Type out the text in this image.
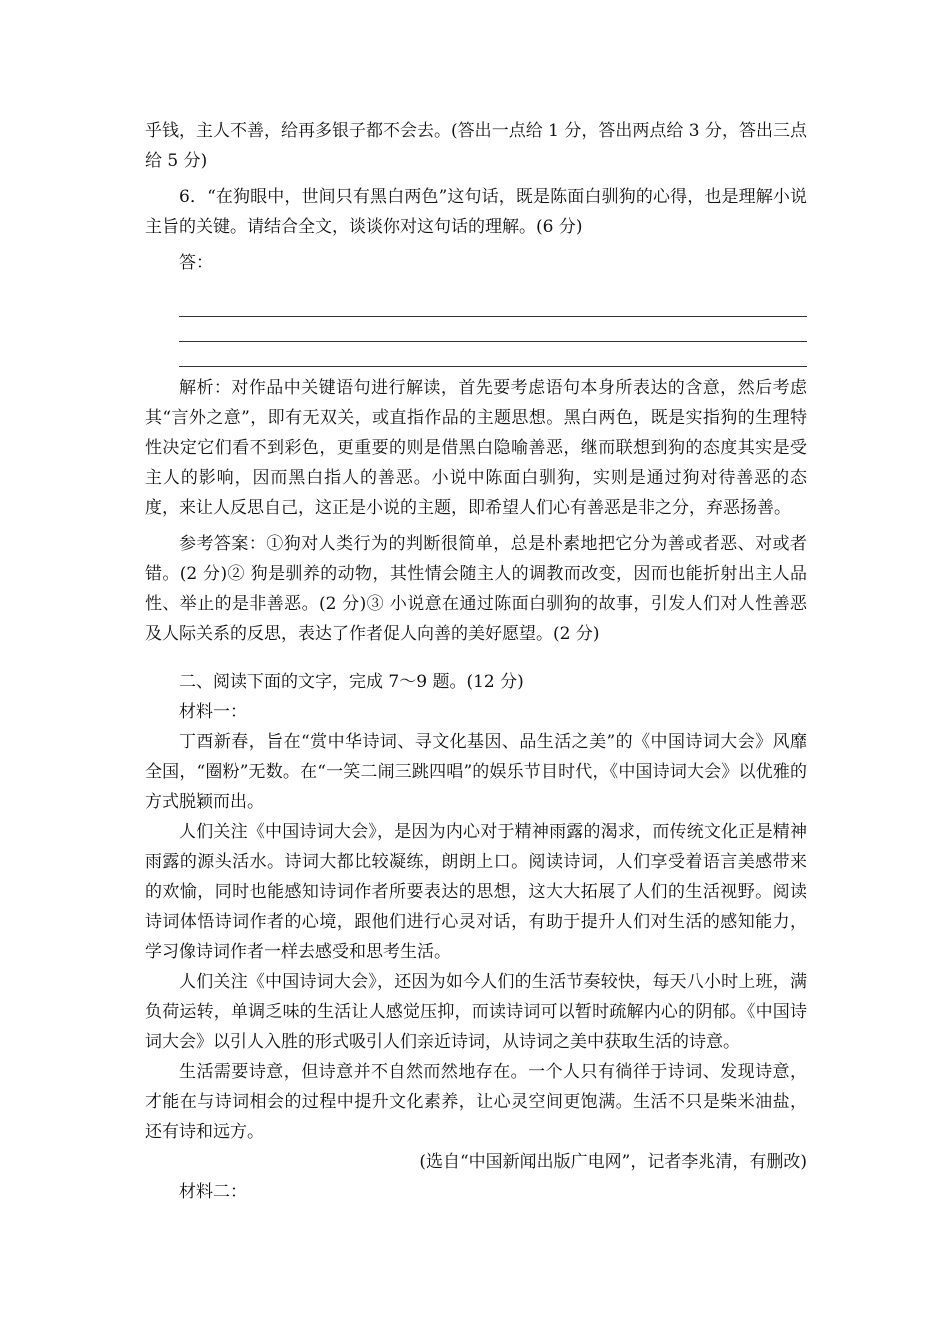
乎钱，主人不善，给再多银子都不会去。(答出一点给 1 分，答出两点给 3 分，答出三点给 5 分)

6．“在狗眼中，世间只有黑白两色”这句话，既是陈面白驯狗的心得，也是理解小说主旨的关键。请结合全文，谈谈你对这句话的理解。(6 分)

答：

解析：对作品中关键语句进行解读，首先要考虑语句本身所表达的含意，然后考虑其“言外之意”，即有无双关，或直指作品的主题思想。黑白两色，既是实指狗的生理特性决定它们看不到彩色，更重要的则是借黑白隐喻善恶，继而联想到狗的态度其实是受主人的影响，因而黑白指人的善恶。小说中陈面白驯狗，实则是通过狗对待善恶的态度，来让人反思自己，这正是小说的主题，即希望人们心有善恶是非之分，弃恶扬善。

参考答案：①狗对人类行为的判断很简单，总是朴素地把它分为善或者恶、对或者错。(2 分)② 狗是驯养的动物，其性情会随主人的调教而改变，因而也能折射出主人品性、举止的是非善恶。(2 分)③ 小说意在通过陈面白驯狗的故事，引发人们对人性善恶及人际关系的反思，表达了作者促人向善的美好愿望。(2 分)

二、阅读下面的文字，完成 7～9 题。(12 分)

材料一：

丁酉新春，旨在“赏中华诗词、寻文化基因、品生活之美”的《中国诗词大会》风靡全国，“圈粉”无数。在“一笑二闹三跳四唱”的娱乐节目时代，《中国诗词大会》以优雅的方式脱颖而出。

人们关注《中国诗词大会》，是因为内心对于精神雨露的渴求，而传统文化正是精神雨露的源头活水。诗词大都比较凝练，朗朗上口。阅读诗词，人们享受着语言美感带来的欢愉，同时也能感知诗词作者所要表达的思想，这大大拓展了人们的生活视野。阅读诗词体悟诗词作者的心境，跟他们进行心灵对话，有助于提升人们对生活的感知能力，学习像诗词作者一样去感受和思考生活。

人们关注《中国诗词大会》，还因为如今人们的生活节奏较快，每天八小时上班，满负荷运转，单调乏味的生活让人感觉压抑，而读诗词可以暂时疏解内心的阴郁。《中国诗词大会》以引人入胜的形式吸引人们亲近诗词，从诗词之美中获取生活的诗意。

生活需要诗意，但诗意并不自然而然地存在。一个人只有徜徉于诗词、发现诗意，才能在与诗词相会的过程中提升文化素养，让心灵空间更饱满。生活不只是柴米油盐，还有诗和远方。

(选自“中国新闻出版广电网”，记者李兆清，有删改)

材料二：
